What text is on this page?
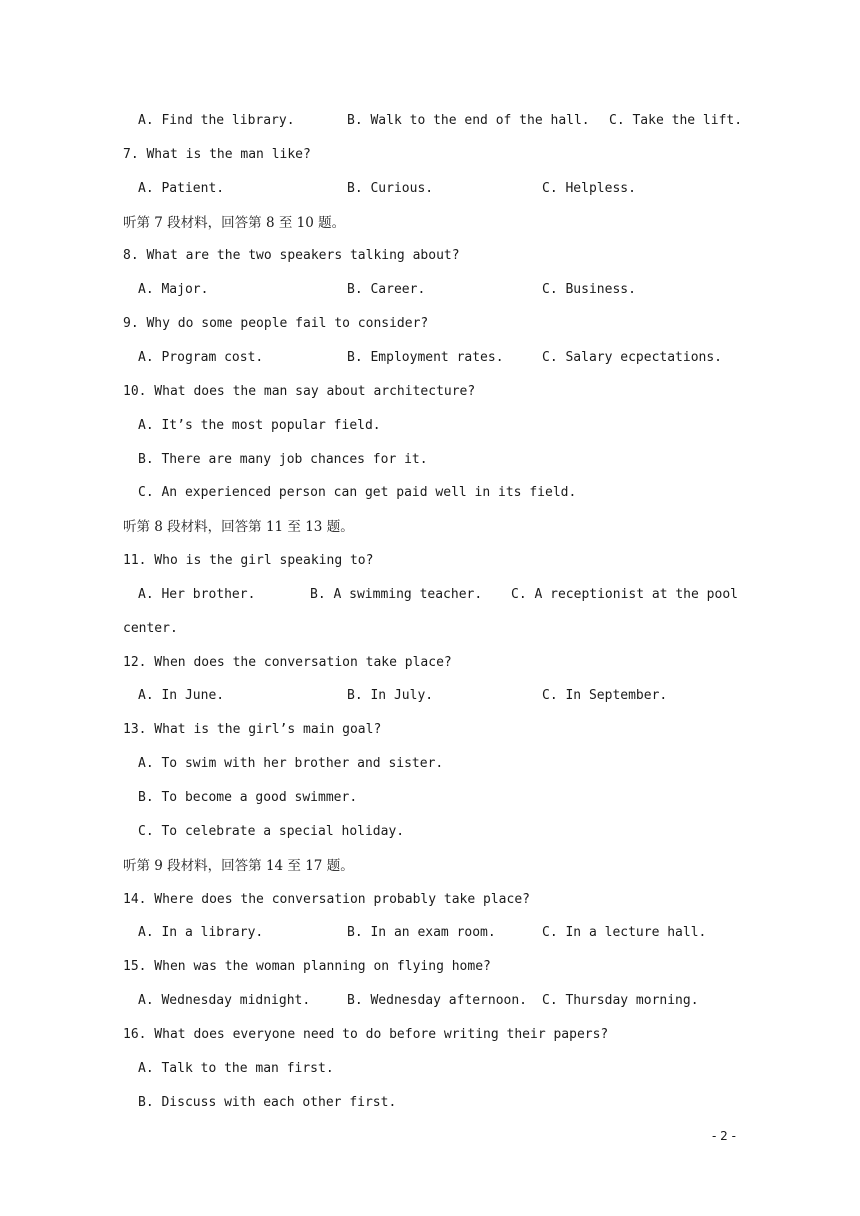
- 2 -
A. Find the library.	B. Walk to the end of the hall. C. Take the lift.
7. What is the man like?
A. Patient.	B. Curious.	C. Helpless.
听第 7 段材料，回答第 8 至 10 题。
8. What are the two speakers talking about?
A. Major.	B. Career.	C. Business.
9. Why do some people fail to consider?
A. Program cost.	B. Employment rates.	C. Salary ecpectations.
10. What does the man say about architecture?
A. It’s the most popular field.
B. There are many job chances for it.
C. An experienced person can get paid well in its field.
听第 8 段材料，回答第 11 至 13 题。
11. Who is the girl speaking to?
A. Her brother.	B. A swimming teacher. C. A receptionist at the pool
center.
12. When does the conversation take place?
A. In June.	B. In July.	C. In September.
13. What is the girl’s main goal?
A. To swim with her brother and sister.
B. To become a good swimmer.
C. To celebrate a special holiday.
听第 9 段材料，回答第 14 至 17 题。
14. Where does the conversation probably take place?
A. In a library.	B. In an exam room.	C. In a lecture hall.
15. When was the woman planning on flying home?
A. Wednesday midnight.	B. Wednesday afternoon. C. Thursday morning.
16. What does everyone need to do before writing their papers?
A. Talk to the man first.
B. Discuss with each other first.
